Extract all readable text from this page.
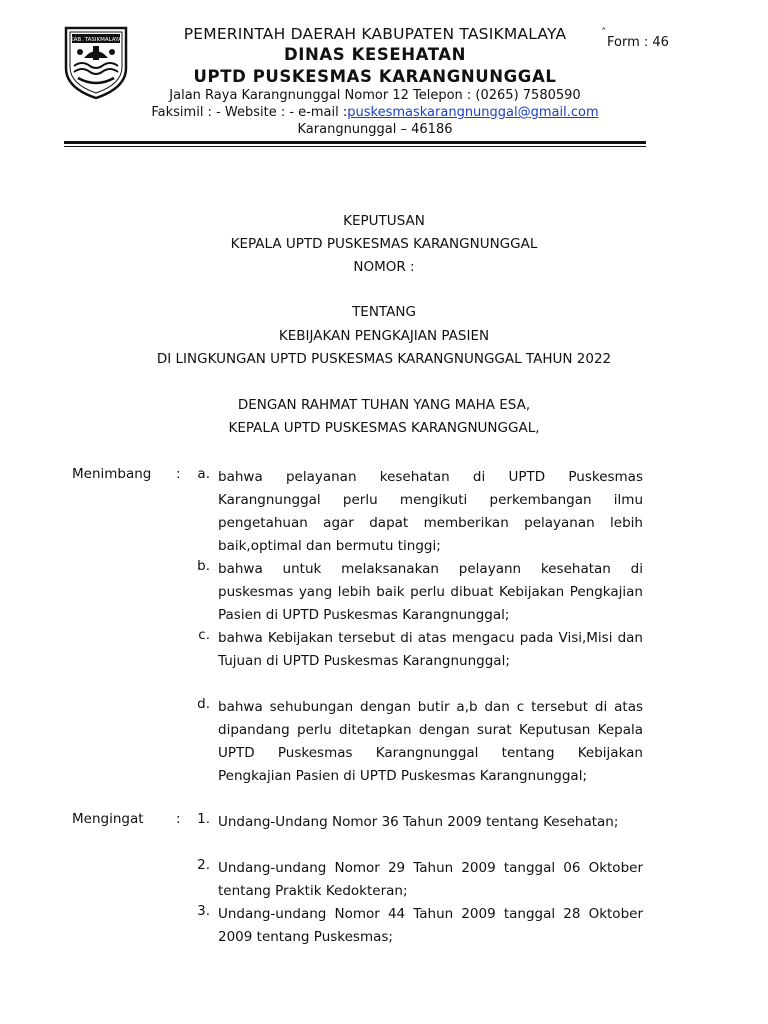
KAB. TASIKMALAYA	PEMERINTAH DAERAH KABUPATEN TASIKMALAYA	ˆ
Form : 46
DINAS KESEHATAN
UPTD PUSKESMAS KARANGNUNGGAL
Jalan Raya Karangnunggal Nomor 12 Telepon : (0265) 7580590
Faksimil : - Website : - e-mail :puskesmaskarangnunggal@gmail.com
Karangnunggal – 46186
KEPUTUSAN
KEPALA UPTD PUSKESMAS KARANGNUNGGAL
NOMOR :
TENTANG
KEBIJAKAN PENGKAJIAN PASIEN
DI LINGKUNGAN UPTD PUSKESMAS KARANGNUNGGAL TAHUN 2022
DENGAN RAHMAT TUHAN YANG MAHA ESA,
KEPALA UPTD PUSKESMAS KARANGNUNGGAL,
Menimbang : a. bahwa pelayanan kesehatan di UPTD Puskesmas Karangnunggal perlu mengikuti perkembangan ilmu pengetahuan agar dapat memberikan pelayanan lebih baik,optimal dan bermutu tinggi;
b. bahwa untuk melaksanakan pelayann kesehatan di puskesmas yang lebih baik perlu dibuat Kebijakan Pengkajian Pasien di UPTD Puskesmas Karangnunggal;
c. bahwa Kebijakan tersebut di atas mengacu pada Visi,Misi dan Tujuan di UPTD Puskesmas Karangnunggal;
d. bahwa sehubungan dengan butir a,b dan c tersebut di atas dipandang perlu ditetapkan dengan surat Keputusan Kepala UPTD Puskesmas Karangnunggal tentang Kebijakan Pengkajian Pasien di UPTD Puskesmas Karangnunggal;
Mengingat : 1. Undang-Undang Nomor 36 Tahun 2009 tentang Kesehatan;
2. Undang-undang Nomor 29 Tahun 2009 tanggal 06 Oktober tentang Praktik Kedokteran;
3. Undang-undang Nomor 44 Tahun 2009 tanggal 28 Oktober 2009 tentang Puskesmas;
